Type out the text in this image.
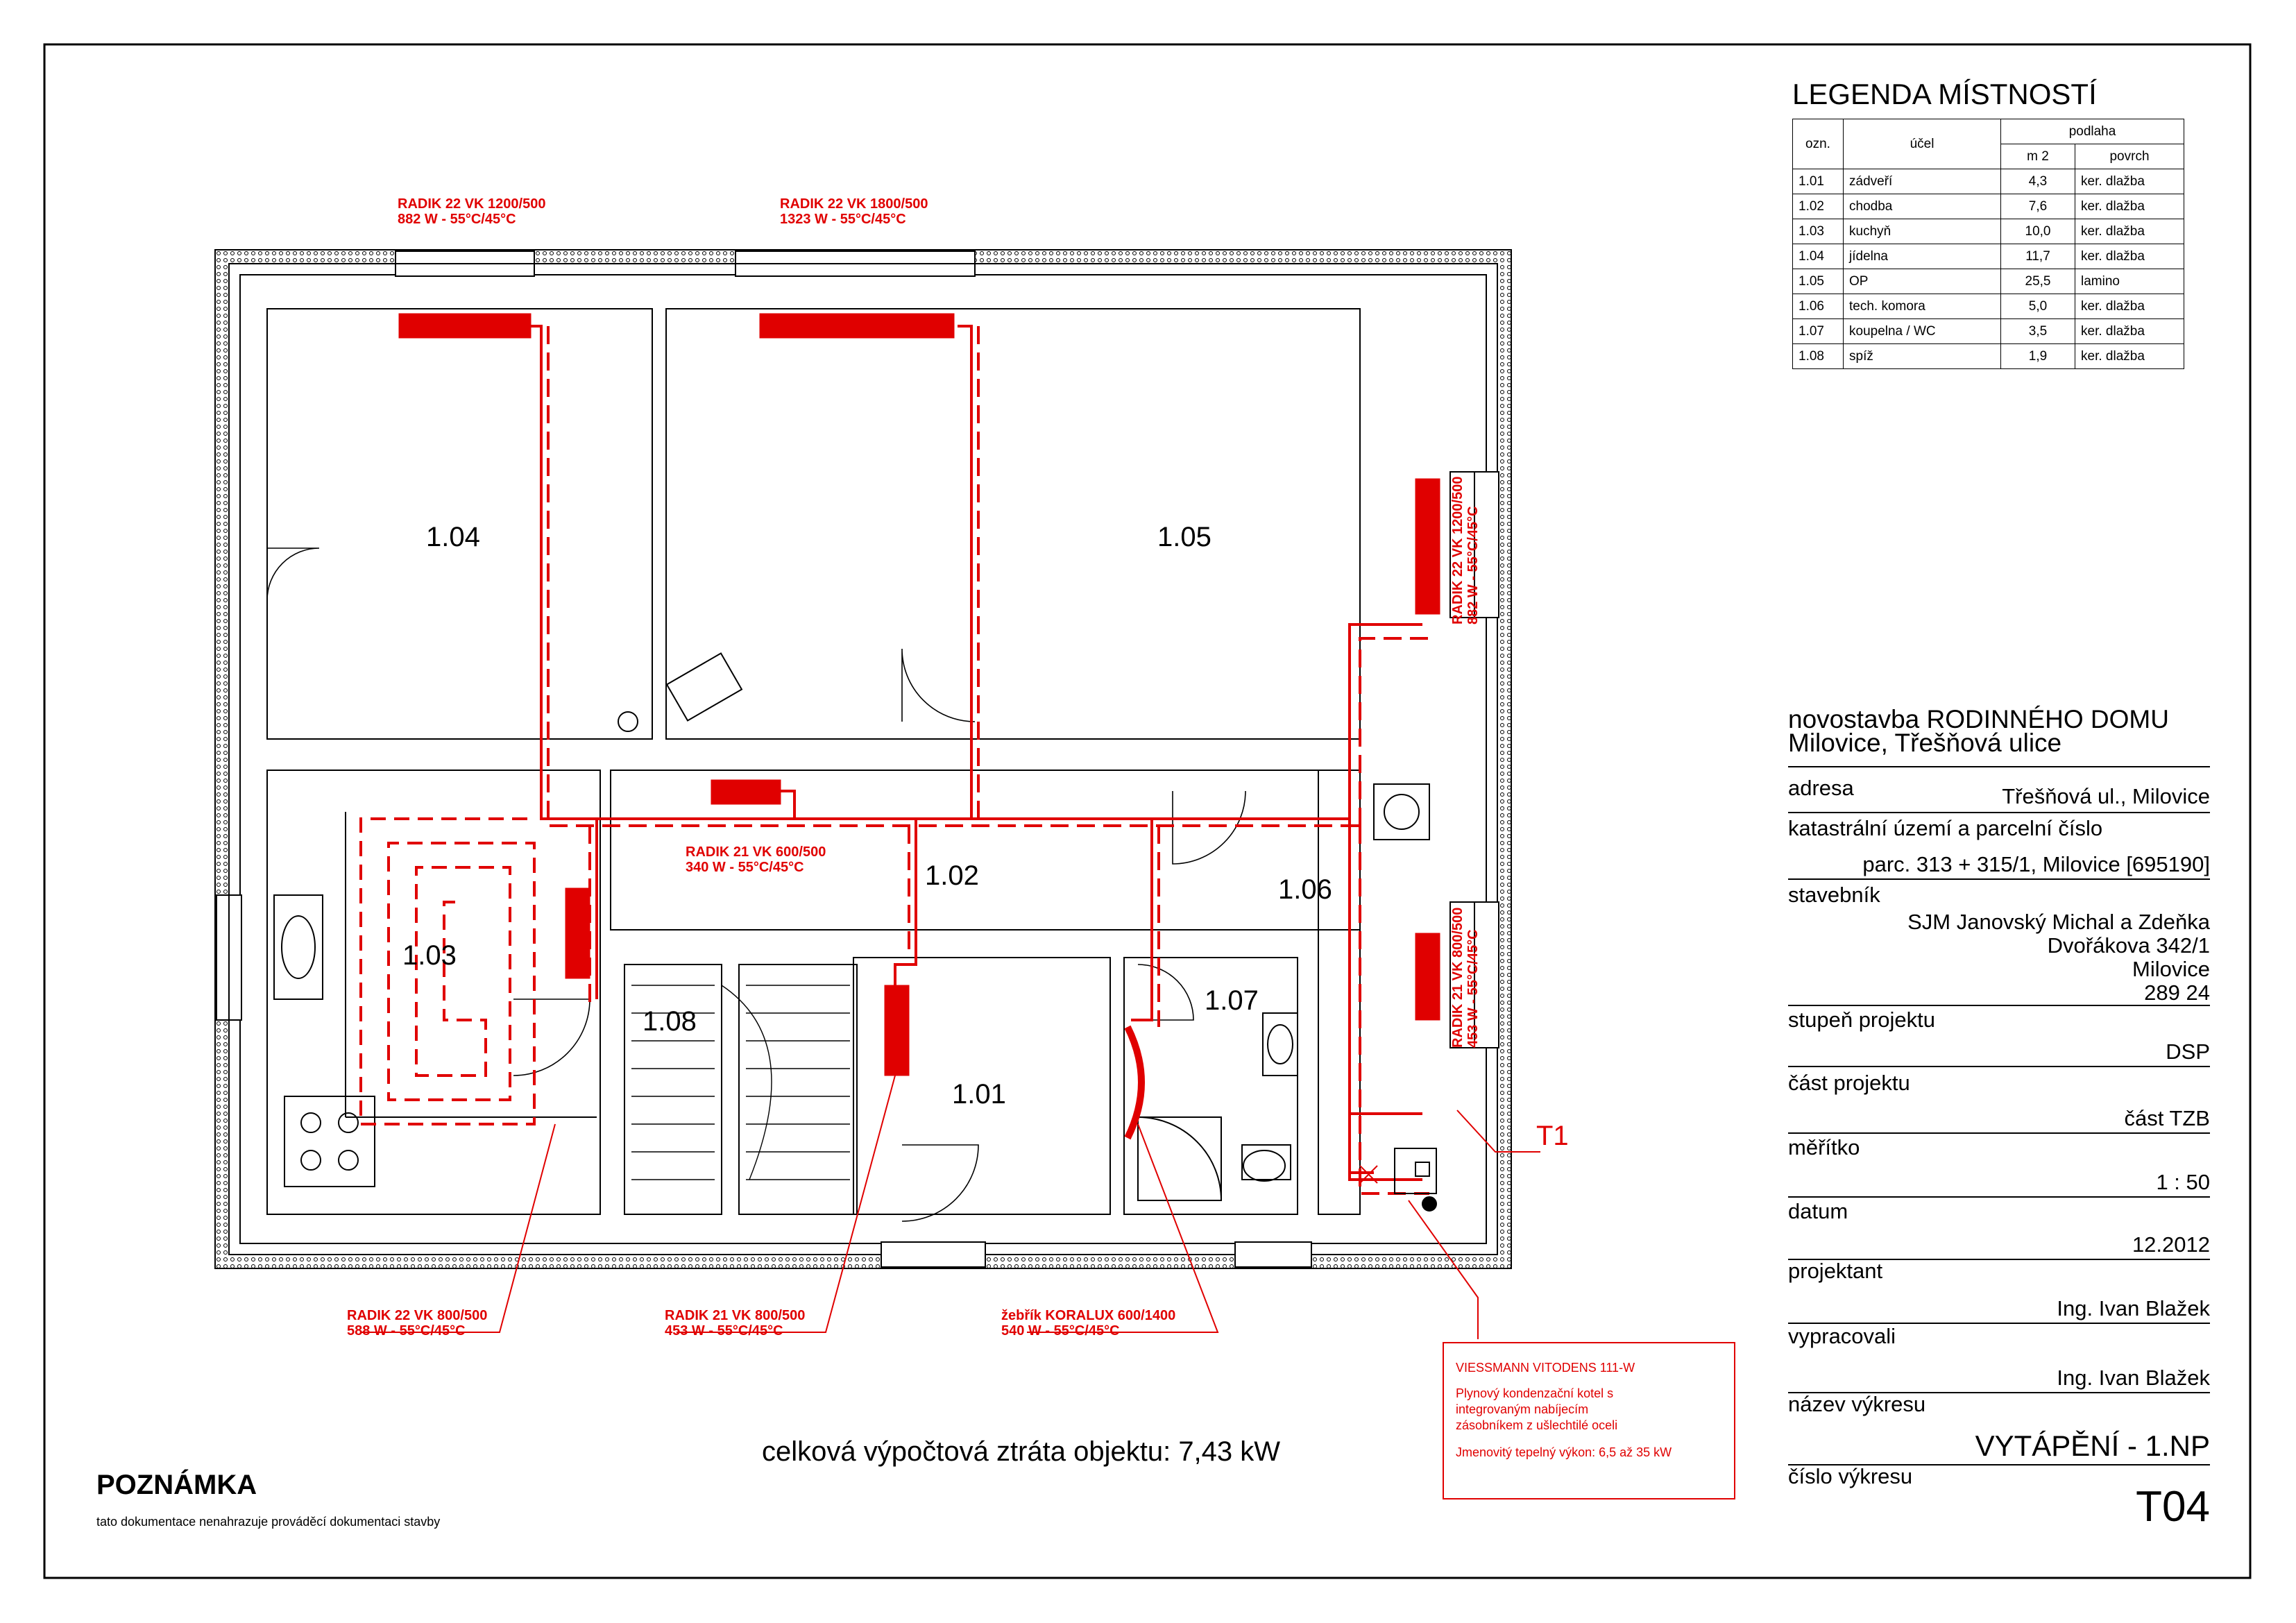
1.04	1.05
1.03
1.02	1.06
1.07
1.08
1.01
RADIK 22 VK 1200/500
882 W - 55°C/45°C
RADIK 22 VK 1800/500
1323 W - 55°C/45°C
RADIK 21 VK 600/500
340 W - 55°C/45°C
RADIK 22 VK 800/500
588 W - 55°C/45°C
RADIK 21 VK 800/500
453 W - 55°C/45°C
žebřík KORALUX 600/1400
540 W - 55°C/45°C
RADIK 22 VK 1200/500 882 W - 55°C/45°C
RADIK 21 VK 800/500 453 W - 55°C/45°C
T1
VIESSMANN VITODENS 111-W
Plynový kondenzační kotel s
integrovaným nabíjecím
zásobníkem z ušlechtilé oceli
Jmenovitý tepelný výkon: 6,5 až 35 kW
celková výpočtová ztráta objektu: 7,43 kW
POZNÁMKA
tato dokumentace nenahrazuje prováděcí dokumentaci stavby
LEGENDA MÍSTNOSTÍ
ozn.	účel	podlaha	
		m 2	povrch
1.01	zádveří	4,3	ker. dlažba
1.02	chodba	7,6	ker. dlažba
1.03	kuchyň	10,0	ker. dlažba
1.04	jídelna	11,7	ker. dlažba
1.05	OP	25,5	lamino
1.06	tech. komora	5,0	ker. dlažba
1.07	koupelna / WC	3,5	ker. dlažba
1.08	spíž	1,9	ker. dlažba
novostavba RODINNÉHO DOMU
Milovice, Třešňová ulice
adresa	Třešňová ul., Milovice
katastrální území a parcelní číslo
parc. 313 + 315/1, Milovice [695190]
stavebník
SJM Janovský Michal a Zdeňka
Dvořákova 342/1
Milovice
289 24
stupeň projektu
DSP
část projektu
část TZB
měřítko
1 : 50
datum
12.2012
projektant
Ing. Ivan Blažek
vypracovali
Ing. Ivan Blažek
název výkresu
VYTÁPĚNÍ - 1.NP
číslo výkresu
T04
